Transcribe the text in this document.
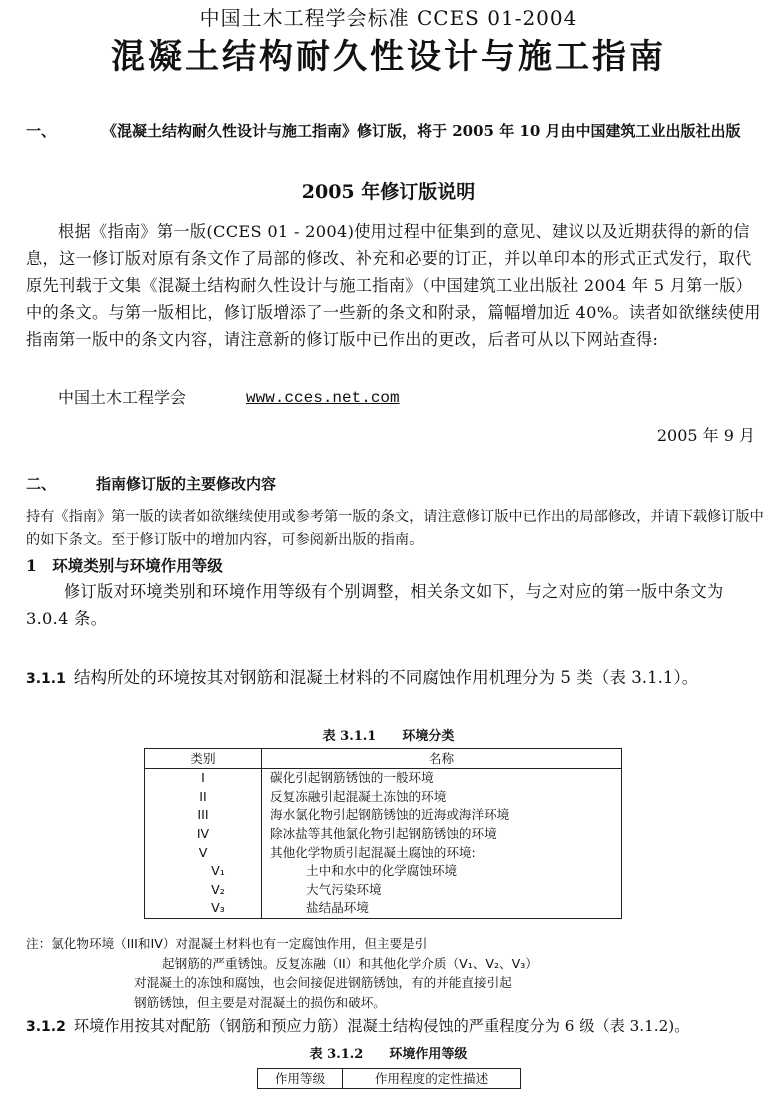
中国土木工程学会标准 CCES 01-2004
混凝土结构耐久性设计与施工指南
一、	《混凝土结构耐久性设计与施工指南》修订版，将于 2005 年 10 月由中国建筑工业出版社出版

2005 年修订版说明

根据《指南》第一版(CCES 01 - 2004)使用过程中征集到的意见、建议以及近期获得的新的信息，这一修订版对原有条文作了局部的修改、补充和必要的订正，并以单印本的形式正式发行，取代原先刊载于文集《混凝土结构耐久性设计与施工指南》（中国建筑工业出版社 2004 年 5 月第一版）中的条文。与第一版相比，修订版增添了一些新的条文和附录，篇幅增加近 40%。读者如欲继续使用指南第一版中的条文内容，请注意新的修订版中已作出的更改，后者可从以下网站查得:

中国土木工程学会	www.cces.net.com
2005 年 9 月
二、	指南修订版的主要修改内容

持有《指南》第一版的读者如欲继续使用或参考第一版的条文，请注意修订版中已作出的局部修改，并请下载修订版中的如下条文。至于修订版中的增加内容，可参阅新出版的指南。

1　环境类别与环境作用等级

修订版对环境类别和环境作用等级有个别调整，相关条文如下，与之对应的第一版中条文为 3.0.4 条。

3.1.1 结构所处的环境按其对钢筋和混凝土材料的不同腐蚀作用机理分为 5 类（表 3.1.1）。

表 3.1.1　　环境分类
类别	名称
I	碳化引起钢筋锈蚀的一般环境
II	反复冻融引起混凝土冻蚀的环境
III	海水氯化物引起钢筋锈蚀的近海或海洋环境
IV	除冰盐等其他氯化物引起钢筋锈蚀的环境
V	其他化学物质引起混凝土腐蚀的环境:
V₁	土中和水中的化学腐蚀环境
V₂	大气污染环境
V₃	盐结晶环境
注：氯化物环境（III和IV）对混凝土材料也有一定腐蚀作用，但主要是引
起钢筋的严重锈蚀。反复冻融（II）和其他化学介质（V₁、V₂、V₃）
对混凝土的冻蚀和腐蚀，也会间接促进钢筋锈蚀，有的并能直接引起
钢筋锈蚀，但主要是对混凝土的损伤和破坏。

3.1.2 环境作用按其对配筋（钢筋和预应力筋）混凝土结构侵蚀的严重程度分为 6 级（表 3.1.2)。

表 3.1.2　　环境作用等级
作用等级	作用程度的定性描述
